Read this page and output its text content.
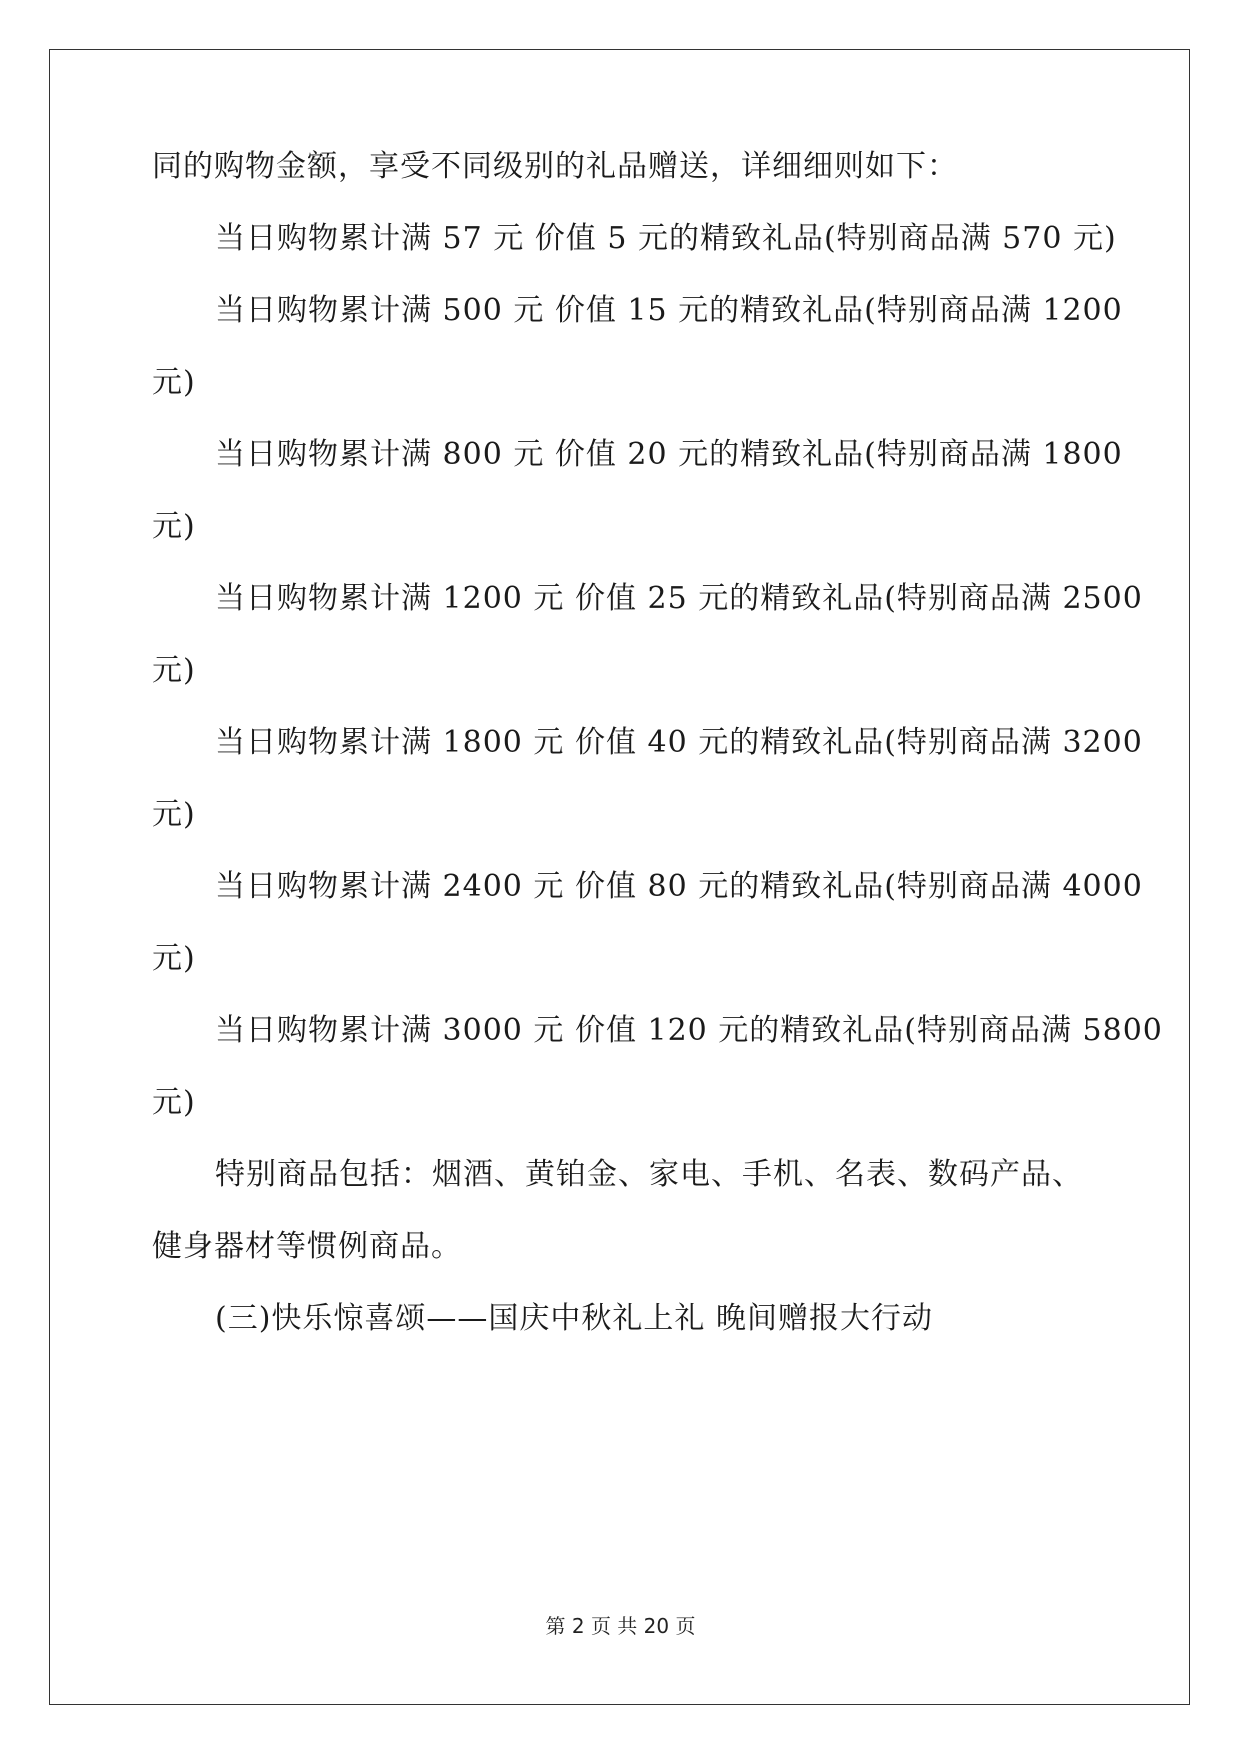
同的购物金额，享受不同级别的礼品赠送，详细细则如下：
当日购物累计满 57 元 价值 5 元的精致礼品(特别商品满 570 元)
当日购物累计满 500 元 价值 15 元的精致礼品(特别商品满 1200
元)
当日购物累计满 800 元 价值 20 元的精致礼品(特别商品满 1800
元)
当日购物累计满 1200 元 价值 25 元的精致礼品(特别商品满 2500
元)
当日购物累计满 1800 元 价值 40 元的精致礼品(特别商品满 3200
元)
当日购物累计满 2400 元 价值 80 元的精致礼品(特别商品满 4000
元)
当日购物累计满 3000 元 价值 120 元的精致礼品(特别商品满 5800
元)
特别商品包括：烟酒、黄铂金、家电、手机、名表、数码产品、
健身器材等惯例商品。
(三)快乐惊喜颂——国庆中秋礼上礼 晚间赠报大行动
第 2 页 共 20 页
